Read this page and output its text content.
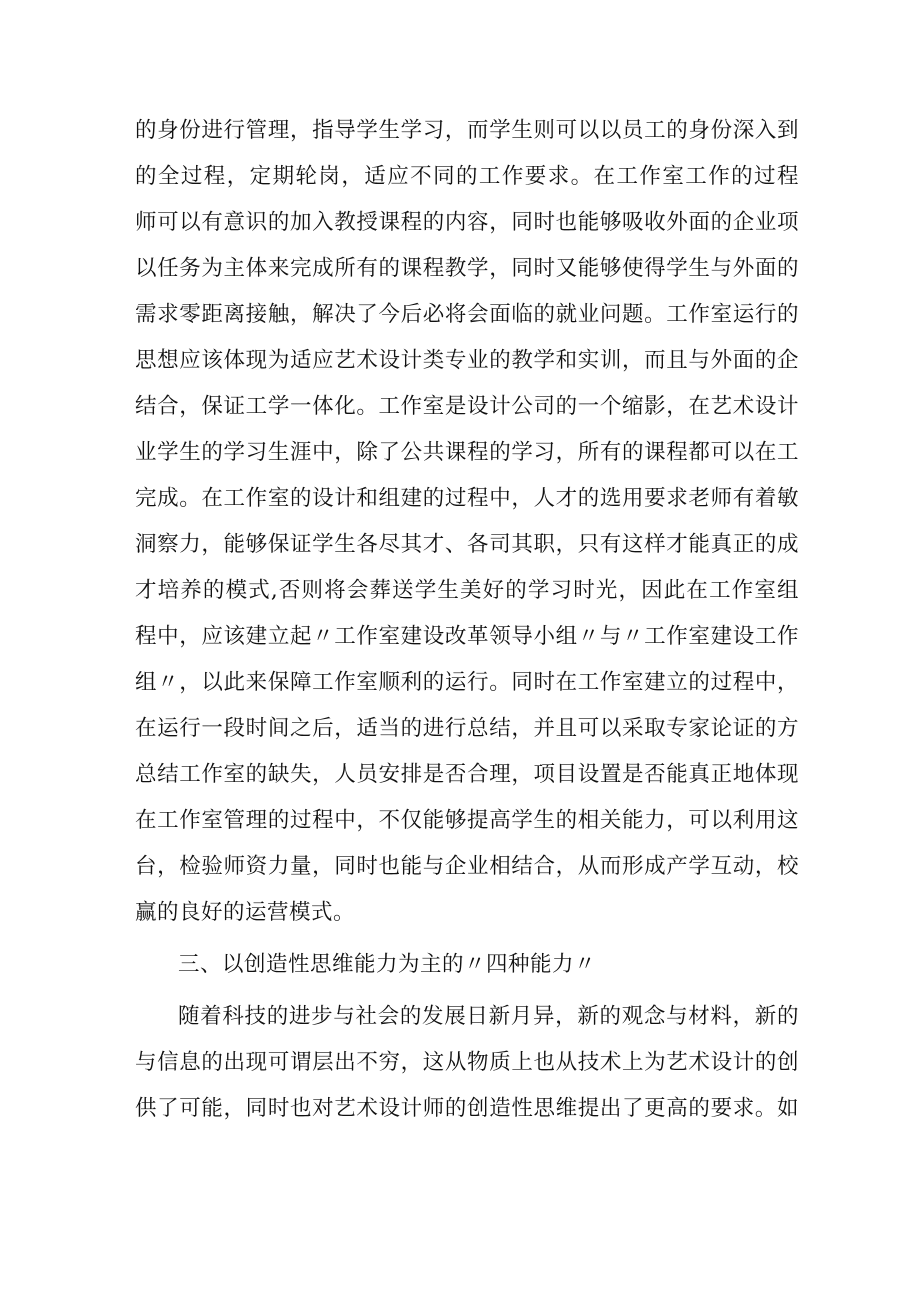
的身份进行管理，指导学生学习，而学生则可以以员工的身份深入到
的全过程，定期轮岗，适应不同的工作要求。在工作室工作的过程
师可以有意识的加入教授课程的内容，同时也能够吸收外面的企业项
以任务为主体来完成所有的课程教学，同时又能够使得学生与外面的
需求零距离接触，解决了今后必将会面临的就业问题。工作室运行的
思想应该体现为适应艺术设计类专业的教学和实训，而且与外面的企
结合，保证工学一体化。工作室是设计公司的一个缩影，在艺术设计
业学生的学习生涯中，除了公共课程的学习，所有的课程都可以在工
完成。在工作室的设计和组建的过程中，人才的选用要求老师有着敏
洞察力，能够保证学生各尽其才、各司其职，只有这样才能真正的成
才培养的模式,否则将会葬送学生美好的学习时光，因此在工作室组
程中，应该建立起〃工作室建设改革领导小组〃与〃工作室建设工作
组〃，以此来保障工作室顺利的运行。同时在工作室建立的过程中，
在运行一段时间之后，适当的进行总结，并且可以采取专家论证的方
总结工作室的缺失，人员安排是否合理，项目设置是否能真正地体现
在工作室管理的过程中，不仅能够提高学生的相关能力，可以利用这
台，检验师资力量，同时也能与企业相结合，从而形成产学互动，校
赢的良好的运营模式。
三、以创造性思维能力为主的〃四种能力〃
随着科技的进步与社会的发展日新月异，新的观念与材料，新的
与信息的出现可谓层出不穷，这从物质上也从技术上为艺术设计的创
供了可能，同时也对艺术设计师的创造性思维提出了更高的要求。如
